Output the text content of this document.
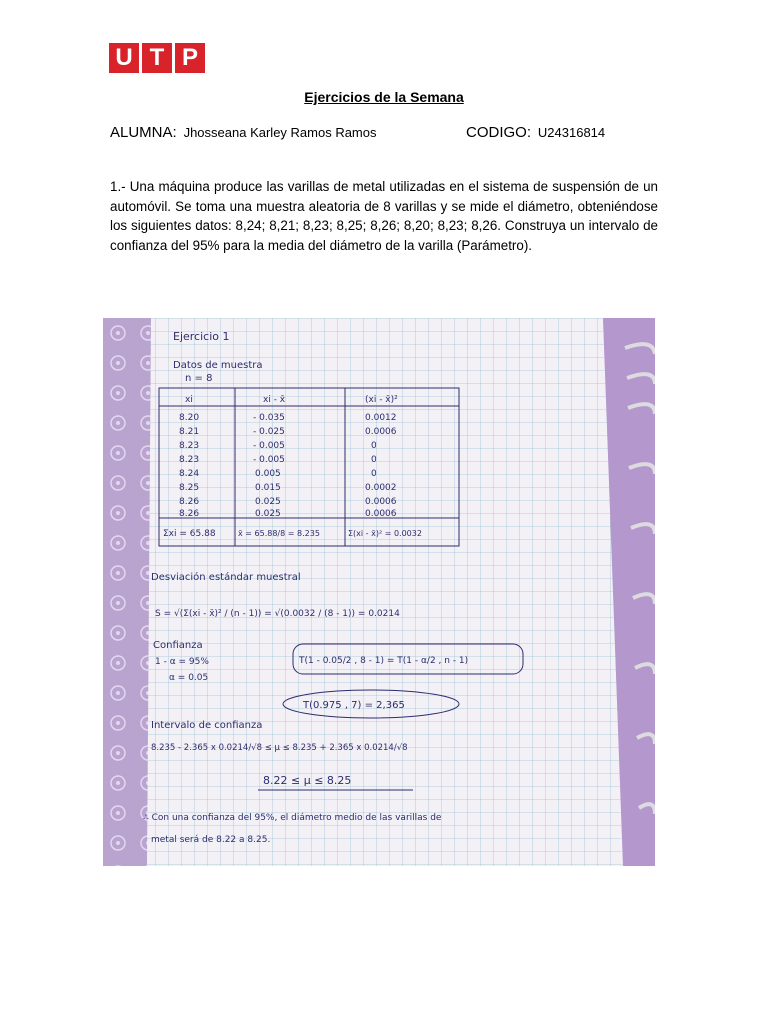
U T P
Ejercicios de la Semana
ALUMNA: Jhosseana Karley Ramos Ramos	CODIGO: U24316814
1.- Una máquina produce las varillas de metal utilizadas en el sistema de suspensión de un automóvil. Se toma una muestra aleatoria de 8 varillas y se mide el diámetro, obteniéndose los siguientes datos: 8,24; 8,21; 8,23; 8,25; 8,26; 8,20; 8,23; 8,26. Construya un intervalo de confianza del 95% para la media del diámetro de la varilla (Parámetro).
Ejercicio 1
Datos de muestra
n = 8
xi	xi - x̄	(xi - x̄)²
8.20	- 0.035	0.0012
8.21	- 0.025	0.0006
8.23	- 0.005	0
8.23	- 0.005	0
8.24	0.005	0
8.25	0.015	0.0002
8.26	0.025	0.0006
8.26	0.025	0.0006
Σxi = 65.88	x̄ = 65.88/8 = 8.235	Σ(xi - x̄)² = 0.0032
Desviación estándar muestral
S = √(Σ(xi - x̄)² / (n - 1)) = √(0.0032 / (8 - 1)) = 0.0214
Confianza
1 - α = 95%
α = 0.05
T(1 - 0.05/2 , 8 - 1) = T(1 - α/2 , n - 1)
T(0.975 , 7) = 2,365
Intervalo de confianza
8.235 - 2.365 x 0.0214/√8 ≤ μ ≤ 8.235 + 2.365 x 0.0214/√8
8.22 ≤ μ ≤ 8.25
∴ Con una confianza del 95%, el diámetro medio de las varillas de
metal será de 8.22 a 8.25.
